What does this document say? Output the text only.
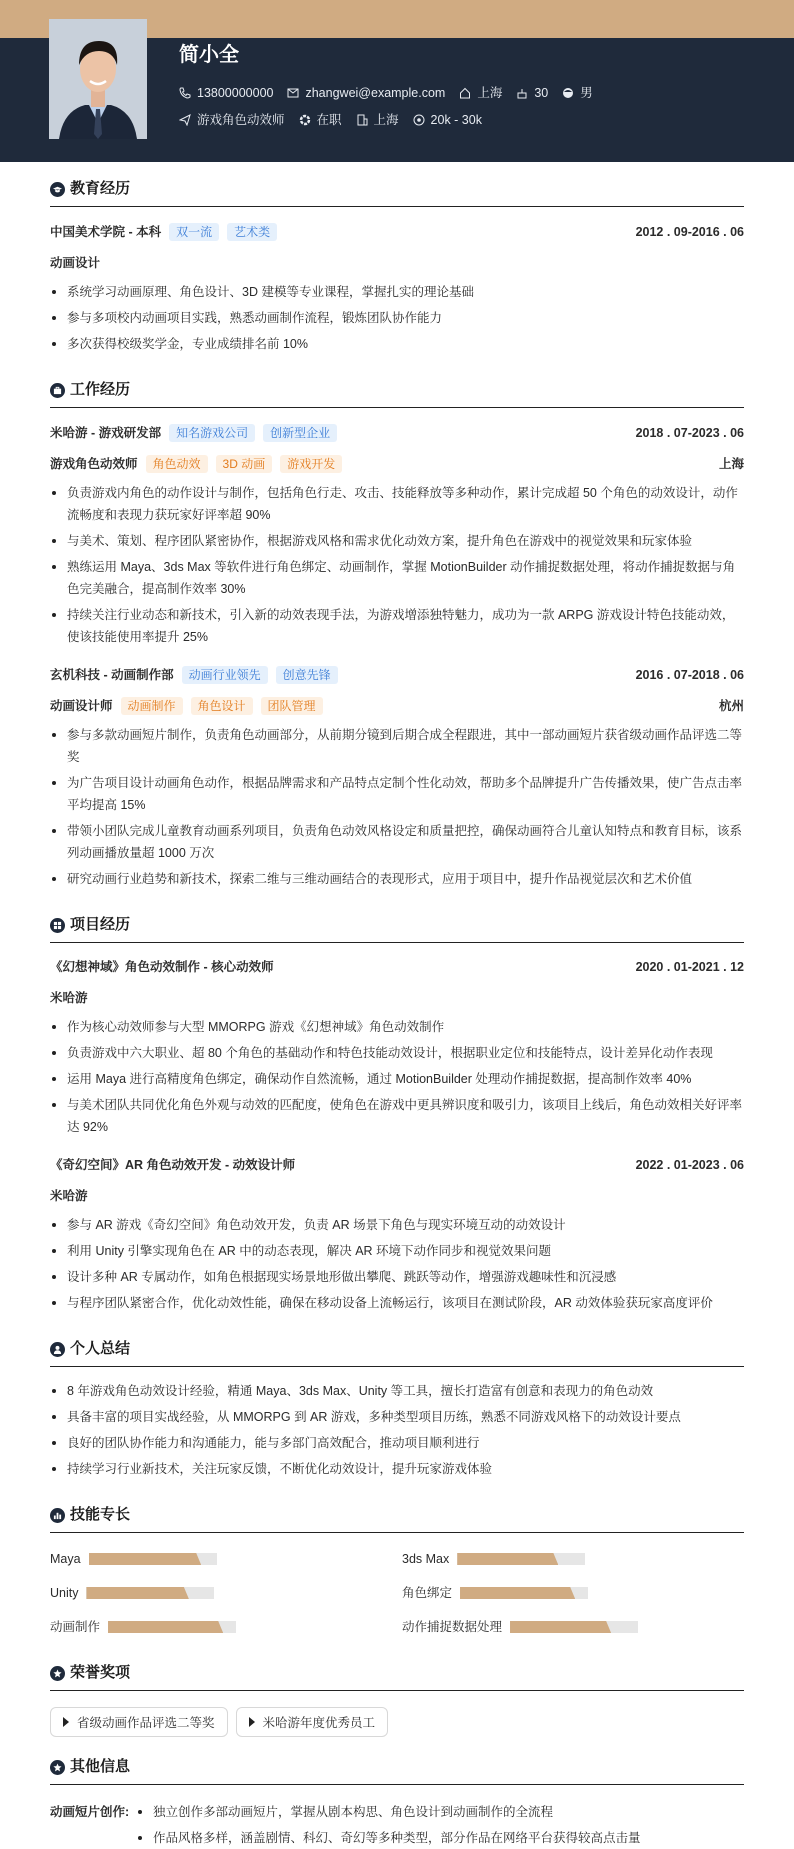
简小全
13800000000	zhangwei@example.com	上海	30	男
游戏角色动效师	在职	上海	20k - 30k
教育经历
中国美术学院 - 本科	双一流	艺术类	2012 . 09-2016 . 06
动画设计
系统学习动画原理、角色设计、3D 建模等专业课程，掌握扎实的理论基础
参与多项校内动画项目实践，熟悉动画制作流程，锻炼团队协作能力
多次获得校级奖学金，专业成绩排名前 10%
工作经历
米哈游 - 游戏研发部	知名游戏公司	创新型企业	2018 . 07-2023 . 06
游戏角色动效师	角色动效	3D 动画	游戏开发	上海
负责游戏内角色的动作设计与制作，包括角色行走、攻击、技能释放等多种动作，累计完成超 50 个角色的动效设计，动作流畅度和表现力获玩家好评率超 90%
与美术、策划、程序团队紧密协作，根据游戏风格和需求优化动效方案，提升角色在游戏中的视觉效果和玩家体验
熟练运用 Maya、3ds Max 等软件进行角色绑定、动画制作，掌握 MotionBuilder 动作捕捉数据处理，将动作捕捉数据与角色完美融合，提高制作效率 30%
持续关注行业动态和新技术，引入新的动效表现手法，为游戏增添独特魅力，成功为一款 ARPG 游戏设计特色技能动效，使该技能使用率提升 25%
玄机科技 - 动画制作部	动画行业领先	创意先锋	2016 . 07-2018 . 06
动画设计师	动画制作	角色设计	团队管理	杭州
参与多款动画短片制作，负责角色动画部分，从前期分镜到后期合成全程跟进，其中一部动画短片获省级动画作品评选二等奖
为广告项目设计动画角色动作，根据品牌需求和产品特点定制个性化动效，帮助多个品牌提升广告传播效果，使广告点击率平均提高 15%
带领小团队完成儿童教育动画系列项目，负责角色动效风格设定和质量把控，确保动画符合儿童认知特点和教育目标，该系列动画播放量超 1000 万次
研究动画行业趋势和新技术，探索二维与三维动画结合的表现形式，应用于项目中，提升作品视觉层次和艺术价值
项目经历
《幻想神域》角色动效制作 - 核心动效师	2020 . 01-2021 . 12
米哈游
作为核心动效师参与大型 MMORPG 游戏《幻想神域》角色动效制作
负责游戏中六大职业、超 80 个角色的基础动作和特色技能动效设计，根据职业定位和技能特点，设计差异化动作表现
运用 Maya 进行高精度角色绑定，确保动作自然流畅，通过 MotionBuilder 处理动作捕捉数据，提高制作效率 40%
与美术团队共同优化角色外观与动效的匹配度，使角色在游戏中更具辨识度和吸引力，该项目上线后，角色动效相关好评率达 92%
《奇幻空间》AR 角色动效开发 - 动效设计师	2022 . 01-2023 . 06
米哈游
参与 AR 游戏《奇幻空间》角色动效开发，负责 AR 场景下角色与现实环境互动的动效设计
利用 Unity 引擎实现角色在 AR 中的动态表现，解决 AR 环境下动作同步和视觉效果问题
设计多种 AR 专属动作，如角色根据现实场景地形做出攀爬、跳跃等动作，增强游戏趣味性和沉浸感
与程序团队紧密合作，优化动效性能，确保在移动设备上流畅运行，该项目在测试阶段，AR 动效体验获玩家高度评价
个人总结
8 年游戏角色动效设计经验，精通 Maya、3ds Max、Unity 等工具，擅长打造富有创意和表现力的角色动效
具备丰富的项目实战经验，从 MMORPG 到 AR 游戏，多种类型项目历练，熟悉不同游戏风格下的动效设计要点
良好的团队协作能力和沟通能力，能与多部门高效配合，推动项目顺利进行
持续学习行业新技术，关注玩家反馈，不断优化动效设计，提升玩家游戏体验
技能专长
Maya	3ds Max
Unity	角色绑定
动画制作	动作捕捉数据处理
荣誉奖项
省级动画作品评选二等奖	米哈游年度优秀员工
其他信息
动画短片创作:	独立创作多部动画短片，掌握从剧本构思、角色设计到动画制作的全流程
作品风格多样，涵盖剧情、科幻、奇幻等多种类型，部分作品在网络平台获得较高点击量
